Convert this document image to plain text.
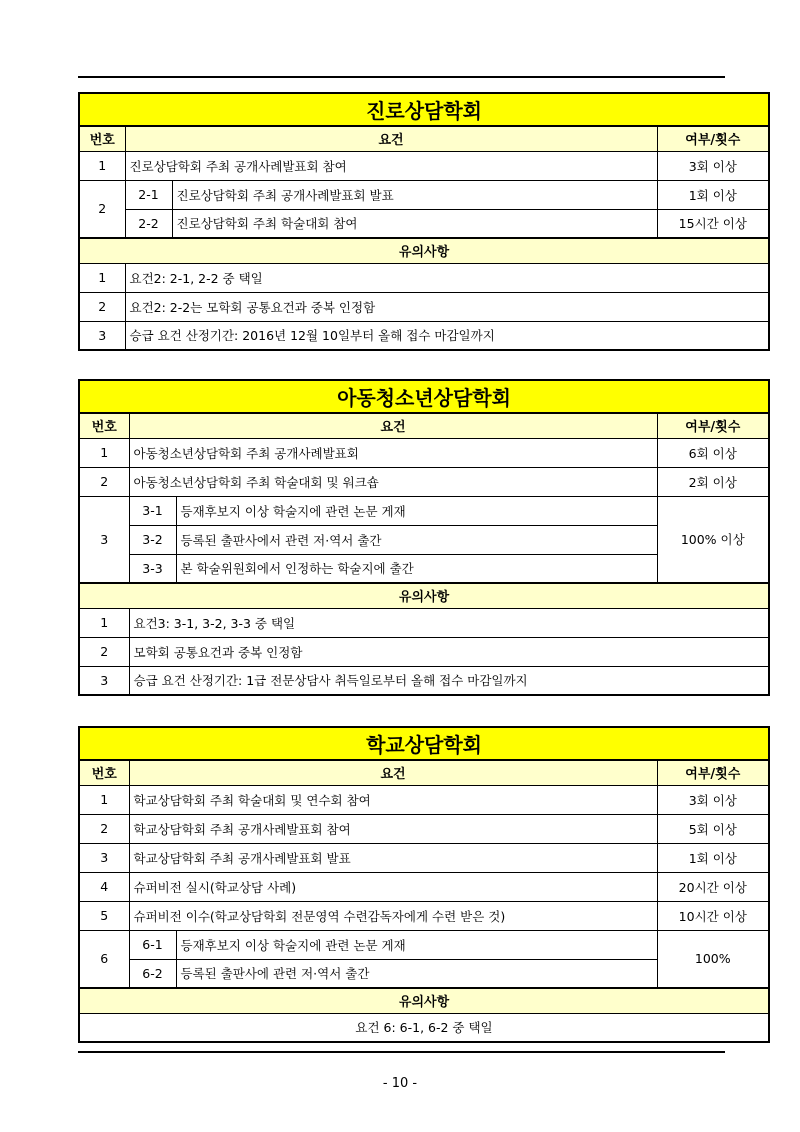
진로상담학회			
번호	요건		여부/횟수
1	진로상담학회 주최 공개사례발표회 참여		3회 이상
2	2-1	진로상담학회 주최 공개사례발표회 발표	1회 이상
	2-2	진로상담학회 주최 학술대회 참여	15시간 이상
유의사항			
1	요건2: 2-1, 2-2 중 택일		
2	요건2: 2-2는 모학회 공통요건과 중복 인정함		
3	승급 요건 산정기간: 2016년 12월 10일부터 올해 접수 마감일까지		
아동청소년상담학회			
번호	요건		여부/횟수
1	아동청소년상담학회 주최 공개사례발표회		6회 이상
2	아동청소년상담학회 주최 학술대회 및 워크숍		2회 이상
3	3-1	등재후보지 이상 학술지에 관련 논문 게재	100% 이상
	3-2	등록된 출판사에서 관련 저·역서 출간	
	3-3	본 학술위원회에서 인정하는 학술지에 출간	
유의사항			
1	요건3: 3-1, 3-2, 3-3 중 택일		
2	모학회 공통요건과 중복 인정함		
3	승급 요건 산정기간: 1급 전문상담사 취득일로부터 올해 접수 마감일까지		
학교상담학회			
번호	요건		여부/횟수
1	학교상담학회 주최 학술대회 및 연수회 참여		3회 이상
2	학교상담학회 주최 공개사례발표회 참여		5회 이상
3	학교상담학회 주최 공개사례발표회 발표		1회 이상
4	슈퍼비전 실시(학교상담 사례)		20시간 이상
5	슈퍼비전 이수(학교상담학회 전문영역 수련감독자에게 수련 받은 것)		10시간 이상
6	6-1	등재후보지 이상 학술지에 관련 논문 게재	100%
	6-2	등록된 출판사에 관련 저·역서 출간	
유의사항			
요건 6: 6-1, 6-2 중 택일			
- 10 -
